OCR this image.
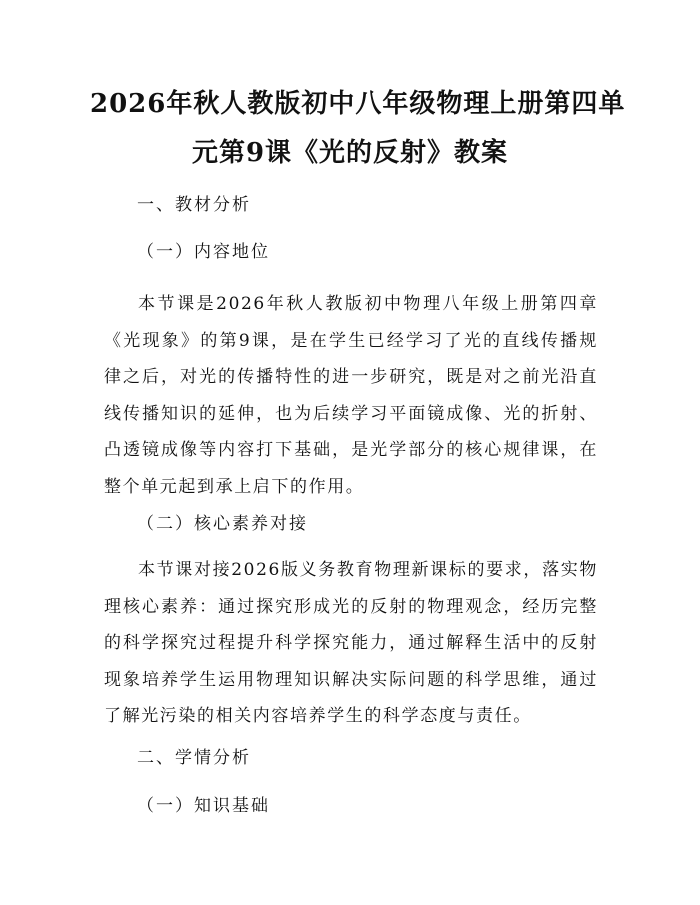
2026年秋人教版初中八年级物理上册第四单
元第9课《光的反射》教案
一、教材分析
（一）内容地位
本节课是2026年秋人教版初中物理八年级上册第四章《光现象》的第9课，是在学生已经学习了光的直线传播规律之后，对光的传播特性的进一步研究，既是对之前光沿直线传播知识的延伸，也为后续学习平面镜成像、光的折射、凸透镜成像等内容打下基础，是光学部分的核心规律课，在整个单元起到承上启下的作用。
（二）核心素养对接
本节课对接2026版义务教育物理新课标的要求，落实物理核心素养：通过探究形成光的反射的物理观念，经历完整的科学探究过程提升科学探究能力，通过解释生活中的反射现象培养学生运用物理知识解决实际问题的科学思维，通过了解光污染的相关内容培养学生的科学态度与责任。
二、学情分析
（一）知识基础
